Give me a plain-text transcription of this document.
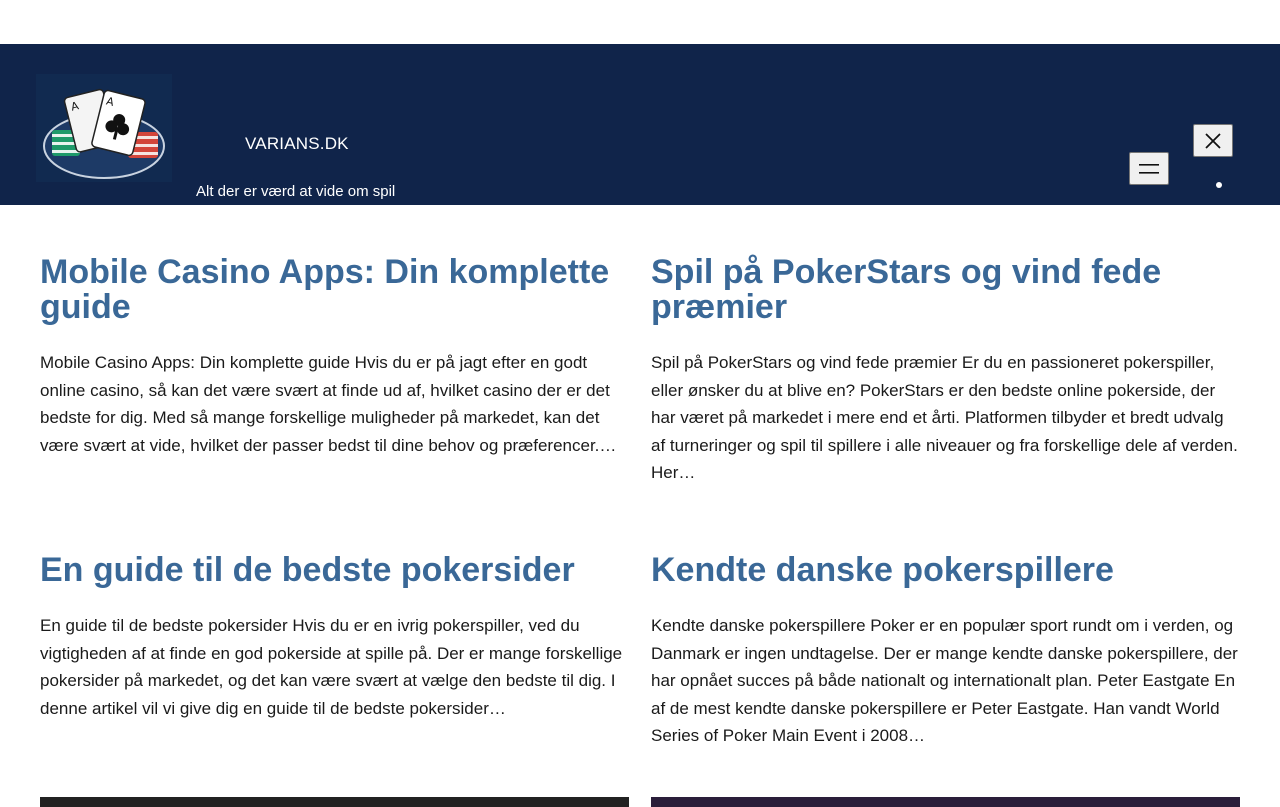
A A
VARIANS.DK
Alt der er værd at vide om spil
Mobile Casino Apps: Din komplette guide

Mobile Casino Apps: Din komplette guide Hvis du er på jagt efter en godt online casino, så kan det være svært at finde ud af, hvilket casino der er det bedste for dig. Med så mange forskellige muligheder på markedet, kan det være svært at vide, hvilket der passer bedst til dine behov og præferencer.…

Spil på PokerStars og vind fede præmier

Spil på PokerStars og vind fede præmier Er du en passioneret pokerspiller, eller ønsker du at blive en? PokerStars er den bedste online pokerside, der har været på markedet i mere end et årti. Platformen tilbyder et bredt udvalg af turneringer og spil til spillere i alle niveauer og fra forskellige dele af verden. Her…

En guide til de bedste pokersider

En guide til de bedste pokersider Hvis du er en ivrig pokerspiller, ved du vigtigheden af at finde en god pokerside at spille på. Der er mange forskellige pokersider på markedet, og det kan være svært at vælge den bedste til dig. I denne artikel vil vi give dig en guide til de bedste pokersider…

Kendte danske pokerspillere

Kendte danske pokerspillere Poker er en populær sport rundt om i verden, og Danmark er ingen undtagelse. Der er mange kendte danske pokerspillere, der har opnået succes på både nationalt og internationalt plan. Peter Eastgate En af de mest kendte danske pokerspillere er Peter Eastgate. Han vandt World Series of Poker Main Event i 2008…
